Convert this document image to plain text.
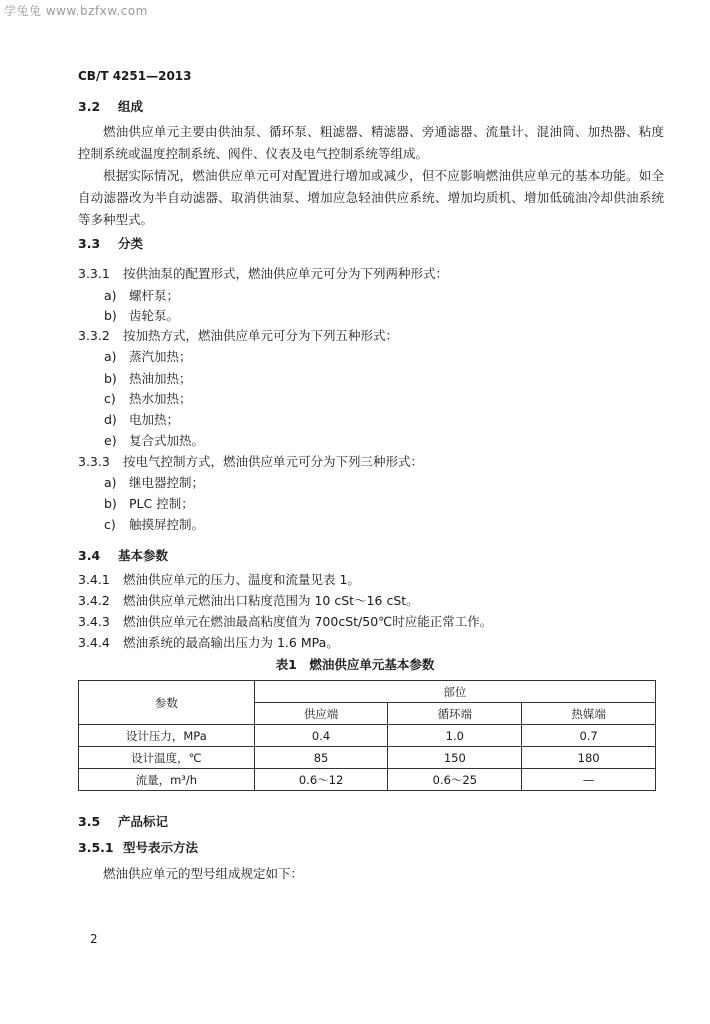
学兔兔 www.bzfxw.com
CB/T 4251—2013
3.2 组成
燃油供应单元主要由供油泵、循环泵、粗滤器、精滤器、旁通滤器、流量计、混油筒、加热器、粘度控制系统或温度控制系统、阀件、仪表及电气控制系统等组成。
根据实际情况，燃油供应单元可对配置进行增加或减少，但不应影响燃油供应单元的基本功能。如全自动滤器改为半自动滤器、取消供油泵、增加应急轻油供应系统、增加均质机、增加低硫油冷却供油系统等多种型式。
3.3 分类
3.3.1 按供油泵的配置形式，燃油供应单元可分为下列两种形式：
a) 螺杆泵；
b) 齿轮泵。
3.3.2 按加热方式，燃油供应单元可分为下列五种形式：
a) 蒸汽加热；
b) 热油加热；
c) 热水加热；
d) 电加热；
e) 复合式加热。
3.3.3 按电气控制方式，燃油供应单元可分为下列三种形式：
a) 继电器控制；
b) PLC 控制；
c) 触摸屏控制。
3.4 基本参数
3.4.1 燃油供应单元的压力、温度和流量见表 1。
3.4.2 燃油供应单元燃油出口粘度范围为 10 cSt～16 cSt。
3.4.3 燃油供应单元在燃油最高粘度值为 700cSt/50℃时应能正常工作。
3.4.4 燃油系统的最高输出压力为 1.6 MPa。
表1　燃油供应单元基本参数
参数	部位		
	供应端	循环端	热媒端
设计压力，MPa	0.4	1.0	0.7
设计温度，℃	85	150	180
流量，m³/h	0.6～12	0.6～25	—
3.5 产品标记
3.5.1 型号表示方法
燃油供应单元的型号组成规定如下：
2
